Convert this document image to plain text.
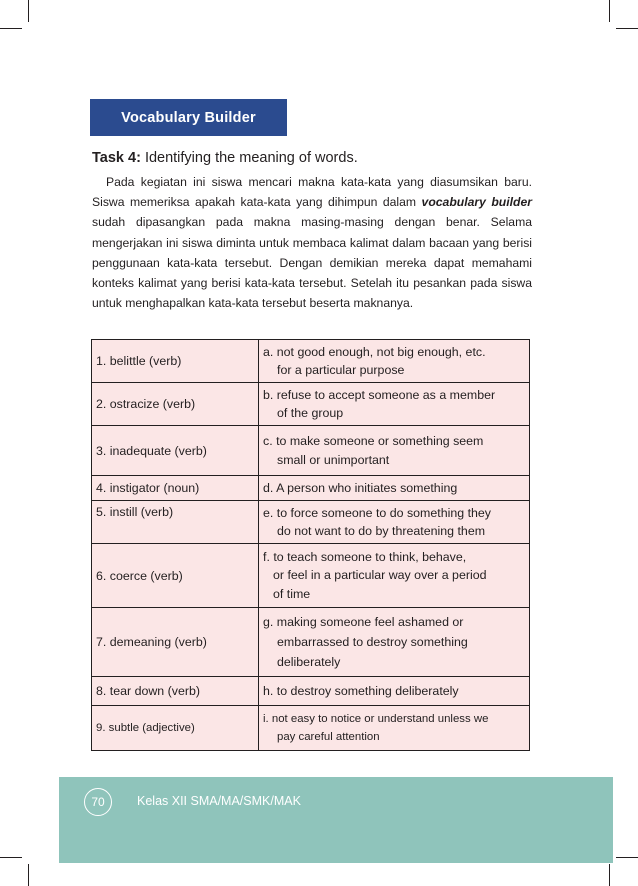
Vocabulary Builder
Task 4: Identifying the meaning of words.

Pada kegiatan ini siswa mencari makna kata-kata yang diasumsikan baru. Siswa memeriksa apakah kata-kata yang dihimpun dalam vocabulary builder sudah dipasangkan pada makna masing-masing dengan benar. Selama mengerjakan ini siswa diminta untuk membaca kalimat dalam bacaan yang berisi penggunaan kata-kata tersebut. Dengan demikian mereka dapat memahami konteks kalimat yang berisi kata-kata tersebut. Setelah itu pesankan pada siswa untuk menghapalkan kata-kata tersebut beserta maknanya.

1. belittle (verb)	a. not good enough, not big enough, etc.
for a particular purpose

2. ostracize (verb)	b. refuse to accept someone as a member
of the group

3. inadequate (verb)	c. to make someone or something seem
small or unimportant

4. instigator (noun)	d. A person who initiates something

5. instill (verb)	e. to force someone to do something they
do not want to do by threatening them

6. coerce (verb)	f. to teach someone to think, behave,
or feel in a particular way over a period
of time

7. demeaning (verb)	g. making someone feel ashamed or
embarrassed to destroy something
deliberately

8. tear down (verb)	h. to destroy something deliberately

9. subtle (adjective)	i. not easy to notice or understand unless we
pay careful attention
70	Kelas XII SMA/MA/SMK/MAK
